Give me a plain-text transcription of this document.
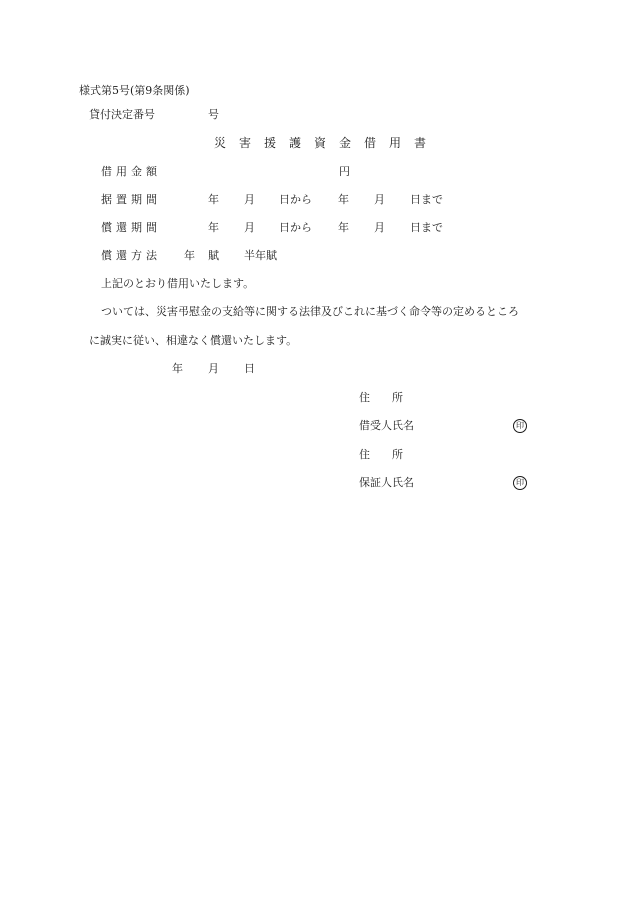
様式第5号(第9条関係)
貸付決定番号	号
災害援護資金借用書
借用金額	円
据置期間	年 月 日から 年 月 日まで
償還期間	年 月 日から 年 月 日まで
償還方法 年 賦 半年賦
上記のとおり借用いたします。
ついては、災害弔慰金の支給等に関する法律及びこれに基づく命令等の定めるところ
に誠実に従い、相違なく償還いたします。
年 月 日
住　　所
借受人氏名	印
住　　所
保証人氏名	印
